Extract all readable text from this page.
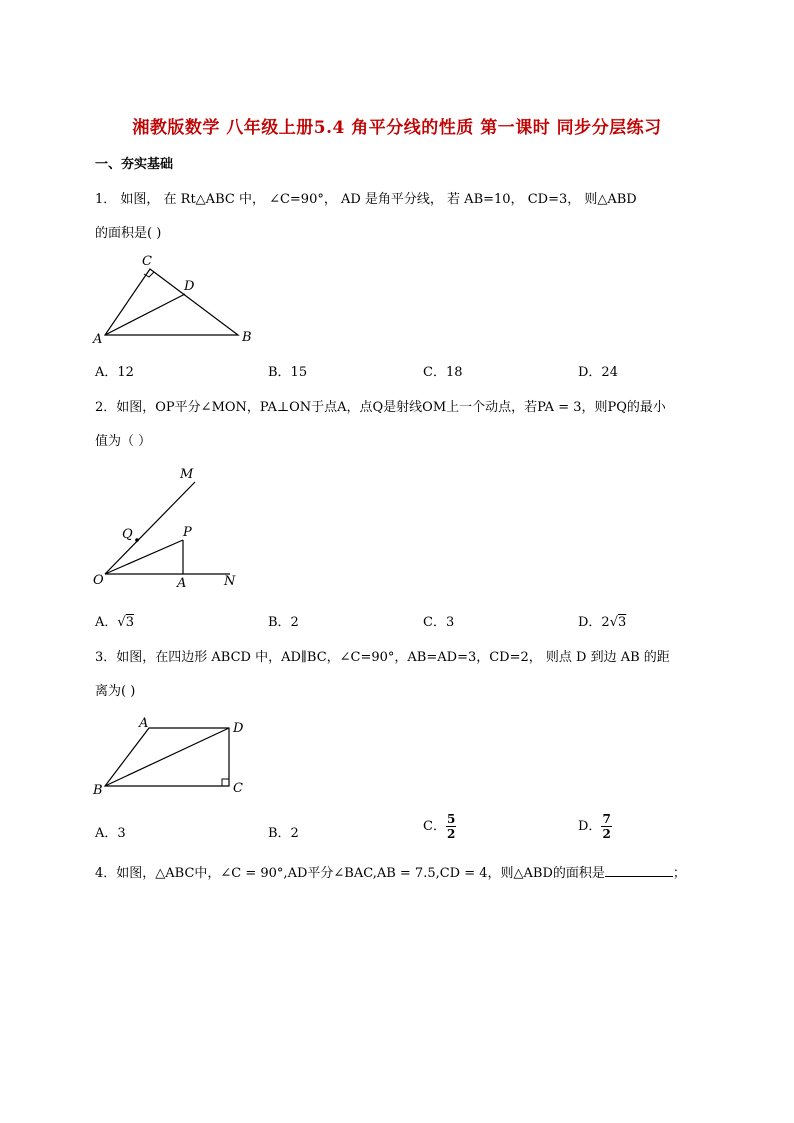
湘教版数学 八年级上册5.4 角平分线的性质 第一课时 同步分层练习
一、夯实基础
1． 如图， 在 Rt△ABC 中， ∠C=90°， AD 是角平分线， 若 AB=10， CD=3， 则△ABD
的面积是( )
C
D
A	B
A．12	B．15	C．18	D．24
2．如图，OP平分∠MON，PA⊥ON于点A，点Q是射线OM上一个动点，若PA = 3，则PQ的最小
值为（ ）
M
Q	P
O	A	N
A．√3	B．2	C．3	D．2√3
3．如图，在四边形 ABCD 中，AD∥BC，∠C=90°，AB=AD=3，CD=2， 则点 D 到边 AB 的距
离为( )
A	D
B	C
A．3	B．2	C． $\frac{5}{2}$	D． $\frac{7}{2}$
4．如图，△ABC中，∠C = 90°,AD平分∠BAC,AB = 7.5,CD = 4，则△ABD的面积是	；
